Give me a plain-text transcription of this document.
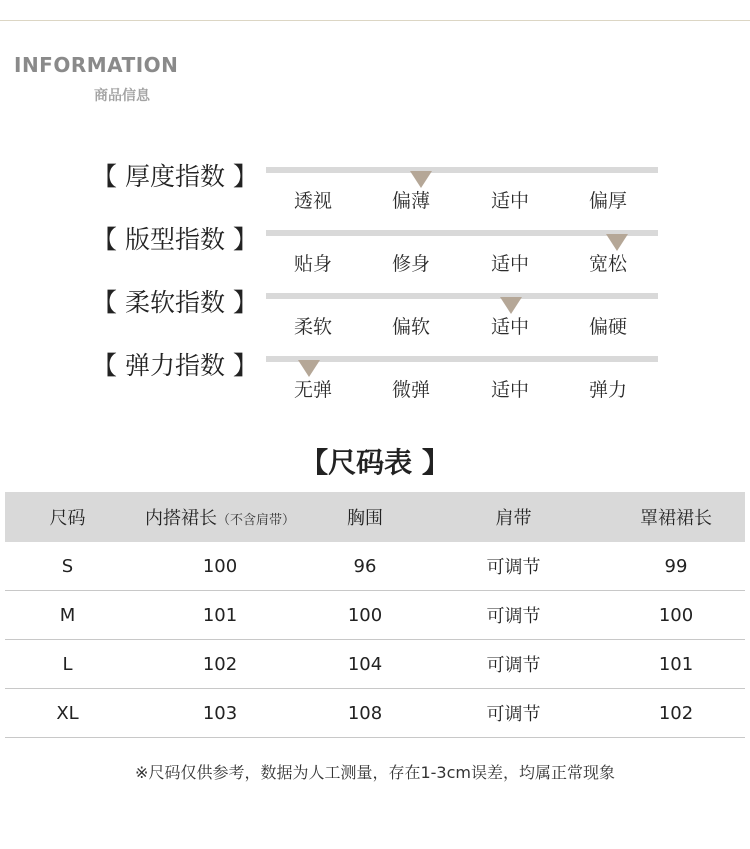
INFORMATION
商品信息
【 厚度指数 】
透视	偏薄	适中	偏厚
【 版型指数 】
贴身	修身	适中	宽松
【 柔软指数 】
柔软	偏软	适中	偏硬
【 弹力指数 】
无弹	微弹	适中	弹力
【尺码表 】
尺码	内搭裙长（不含肩带）	胸围	肩带	罩裙裙长
S	100	96	可调节	99
M	101	100	可调节	100
L	102	104	可调节	101
XL	103	108	可调节	102
※尺码仅供参考，数据为人工测量，存在1-3cm误差，均属正常现象
